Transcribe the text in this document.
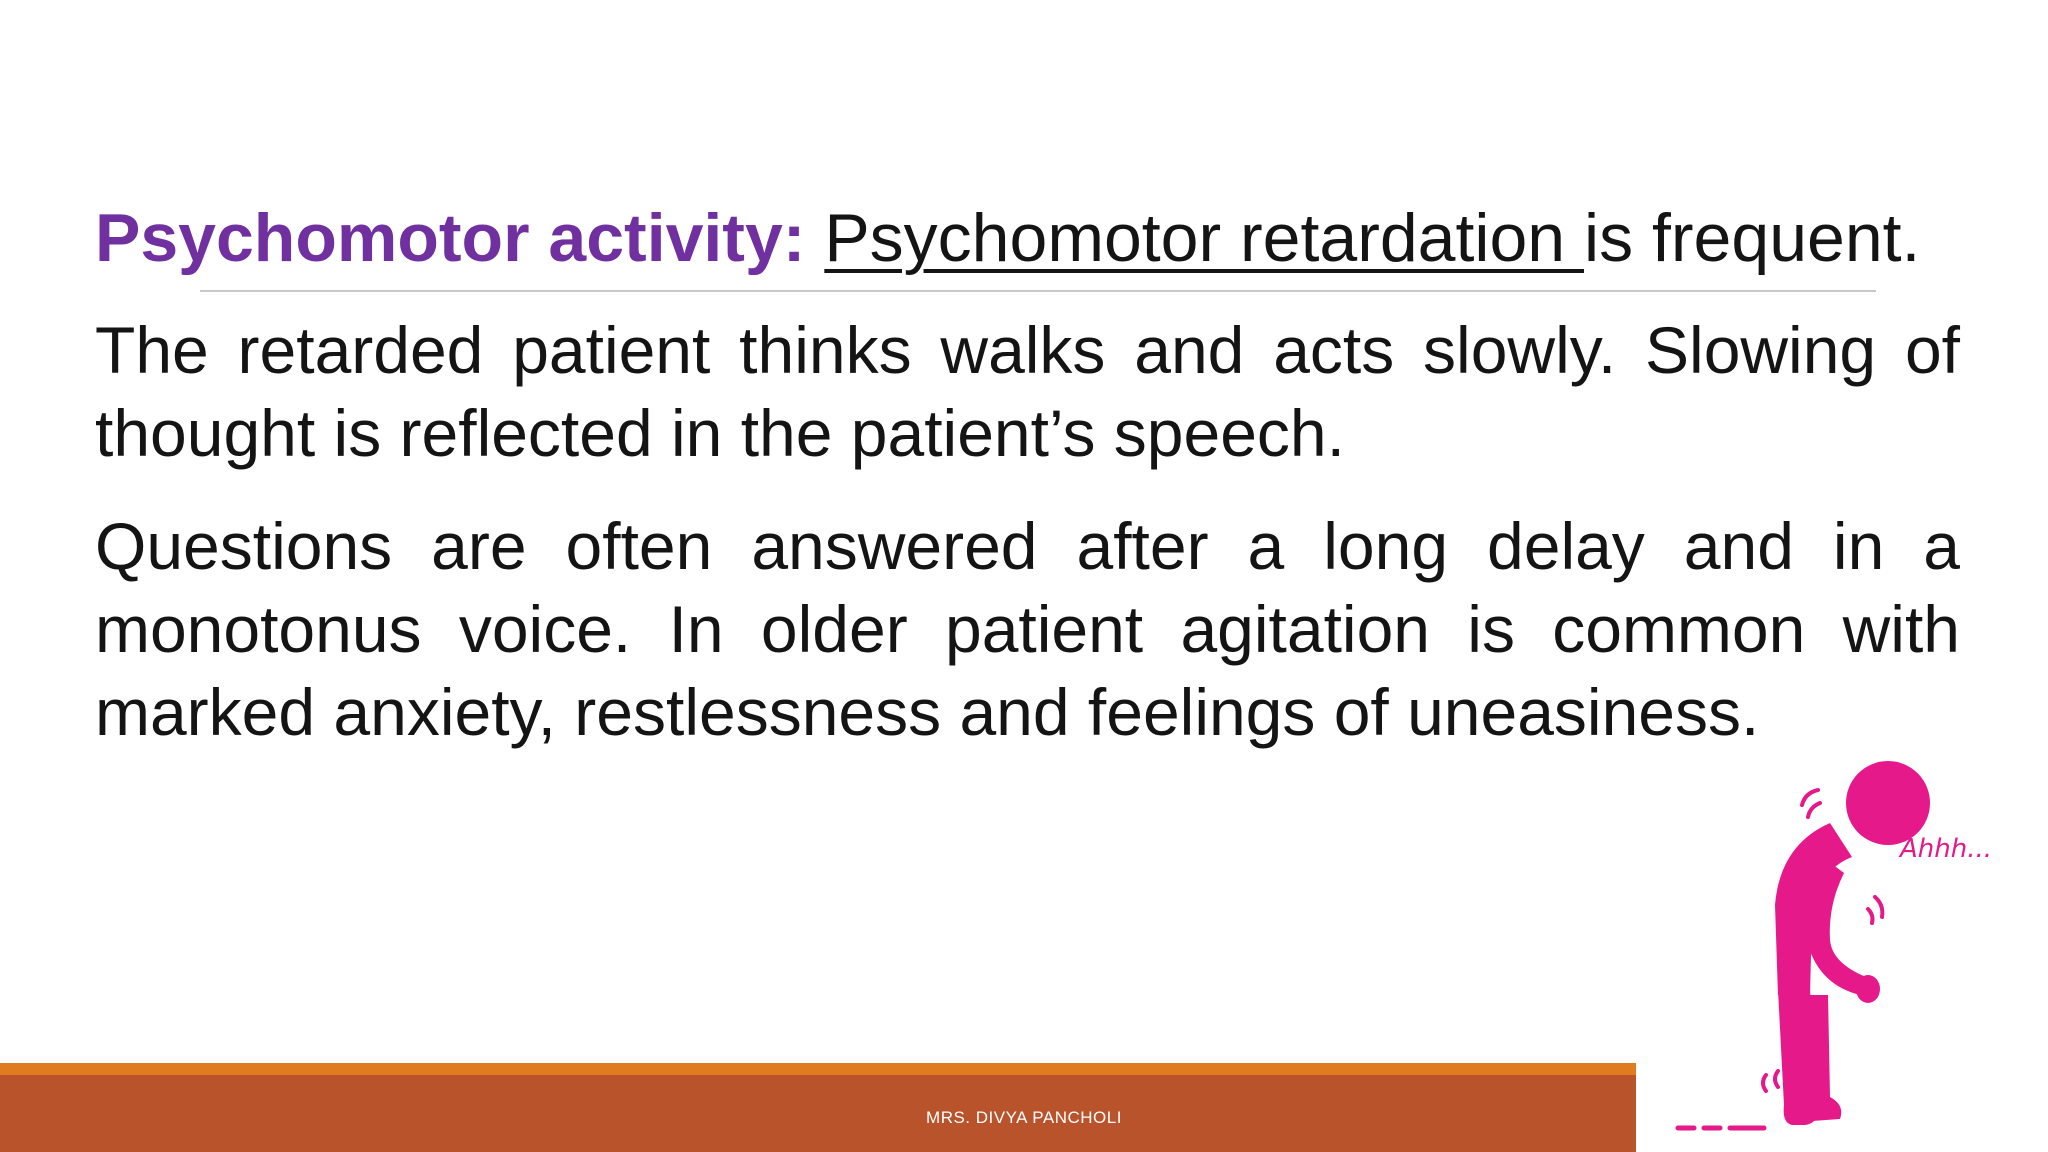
Psychomotor activity: Psychomotor retardation is frequent.

The retarded patient thinks walks and acts slowly. Slowing of thought is reflected in the patient’s speech.

Questions are often answered after a long delay and in a monotonus voice. In older patient agitation is common with marked anxiety, restlessness and feelings of uneasiness.

Ahhh...
MRS. DIVYA PANCHOLI	16
